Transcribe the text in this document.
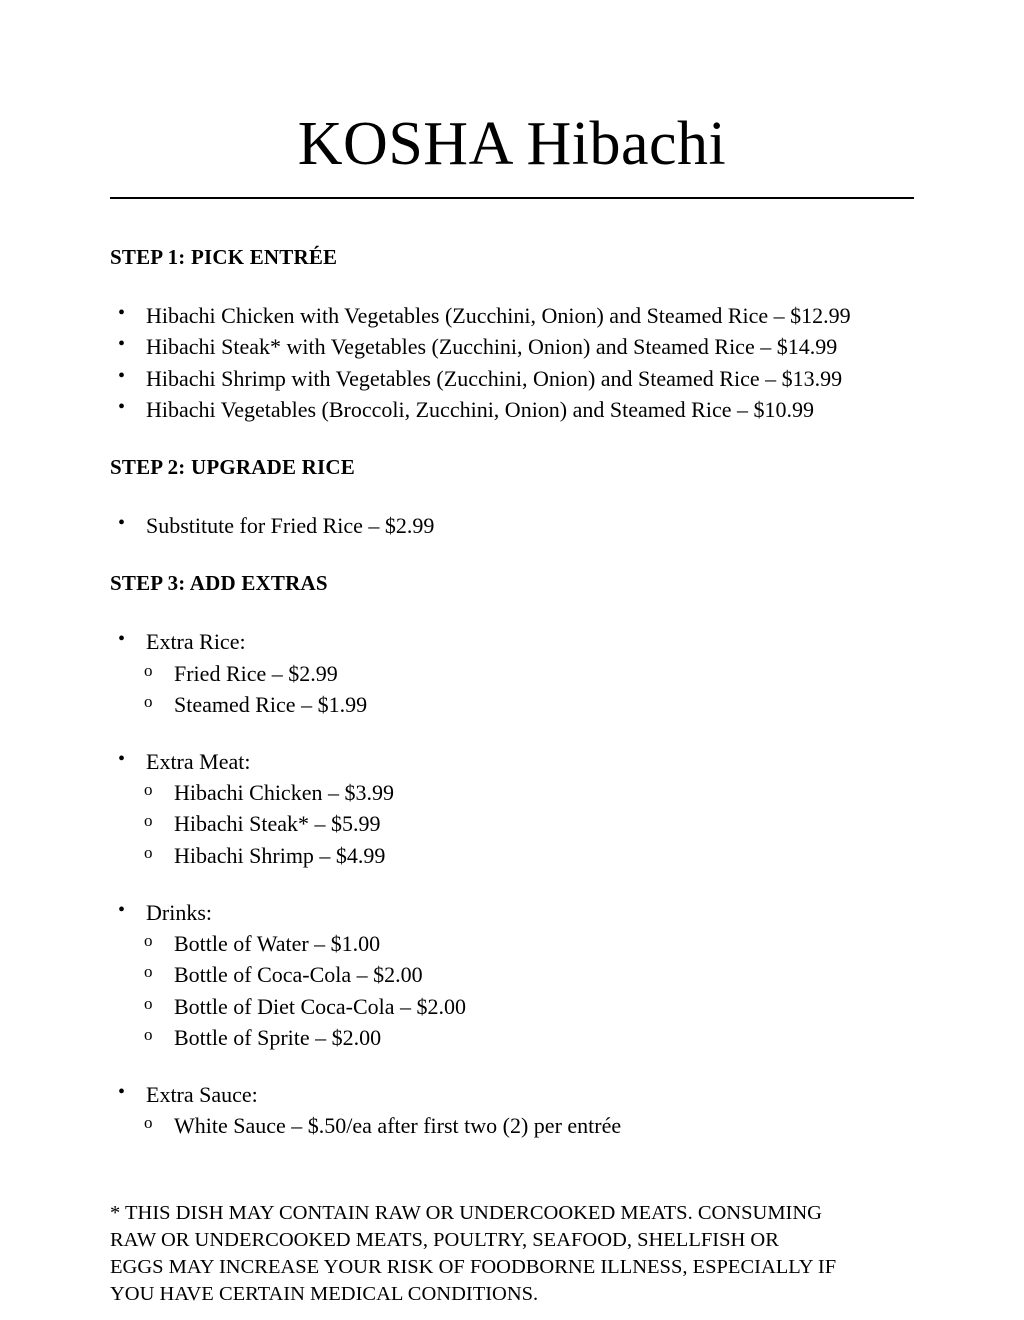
KOSHA Hibachi

STEP 1: PICK ENTRÉE

• Hibachi Chicken with Vegetables (Zucchini, Onion) and Steamed Rice – $12.99
• Hibachi Steak* with Vegetables (Zucchini, Onion) and Steamed Rice – $14.99
• Hibachi Shrimp with Vegetables (Zucchini, Onion) and Steamed Rice – $13.99
• Hibachi Vegetables (Broccoli, Zucchini, Onion) and Steamed Rice – $10.99

STEP 2: UPGRADE RICE

• Substitute for Fried Rice – $2.99

STEP 3: ADD EXTRAS

• Extra Rice:
o Fried Rice – $2.99
o Steamed Rice – $1.99
• Extra Meat:
o Hibachi Chicken – $3.99
o Hibachi Steak* – $5.99
o Hibachi Shrimp – $4.99
• Drinks:
o Bottle of Water – $1.00
o Bottle of Coca-Cola – $2.00
o Bottle of Diet Coca-Cola – $2.00
o Bottle of Sprite – $2.00
• Extra Sauce:
o White Sauce – $.50/ea after first two (2) per entrée
* THIS DISH MAY CONTAIN RAW OR UNDERCOOKED MEATS. CONSUMING
RAW OR UNDERCOOKED MEATS, POULTRY, SEAFOOD, SHELLFISH OR
EGGS MAY INCREASE YOUR RISK OF FOODBORNE ILLNESS, ESPECIALLY IF
YOU HAVE CERTAIN MEDICAL CONDITIONS.
